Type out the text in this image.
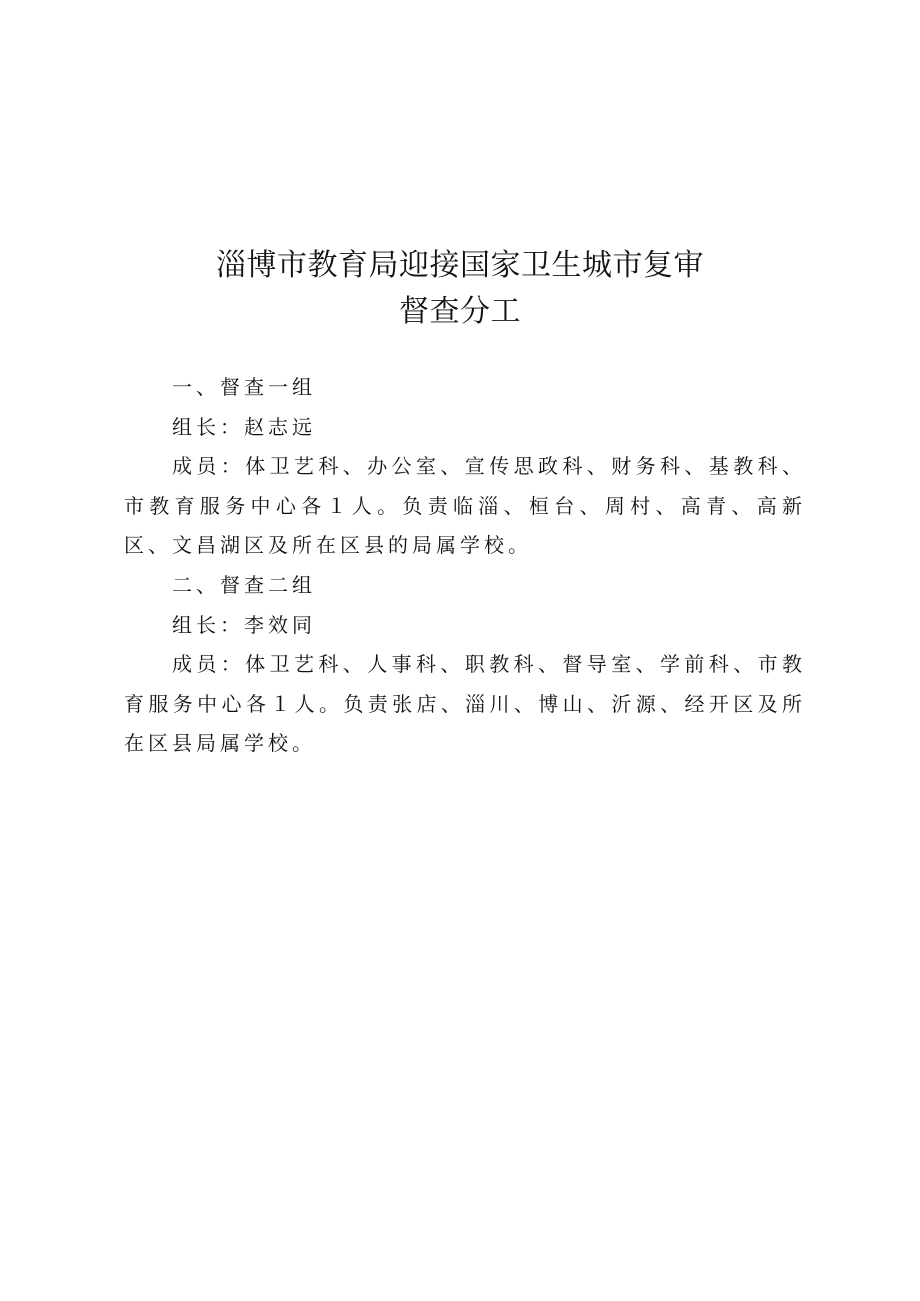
淄博市教育局迎接国家卫生城市复审
督查分工

一、督查一组

组长：赵志远

成员：体卫艺科、办公室、宣传思政科、财务科、基教科、市教育服务中心各１人。负责临淄、桓台、周村、高青、高新区、文昌湖区及所在区县的局属学校。

二、督查二组

组长：李效同

成员：体卫艺科、人事科、职教科、督导室、学前科、市教育服务中心各１人。负责张店、淄川、博山、沂源、经开区及所在区县局属学校。
